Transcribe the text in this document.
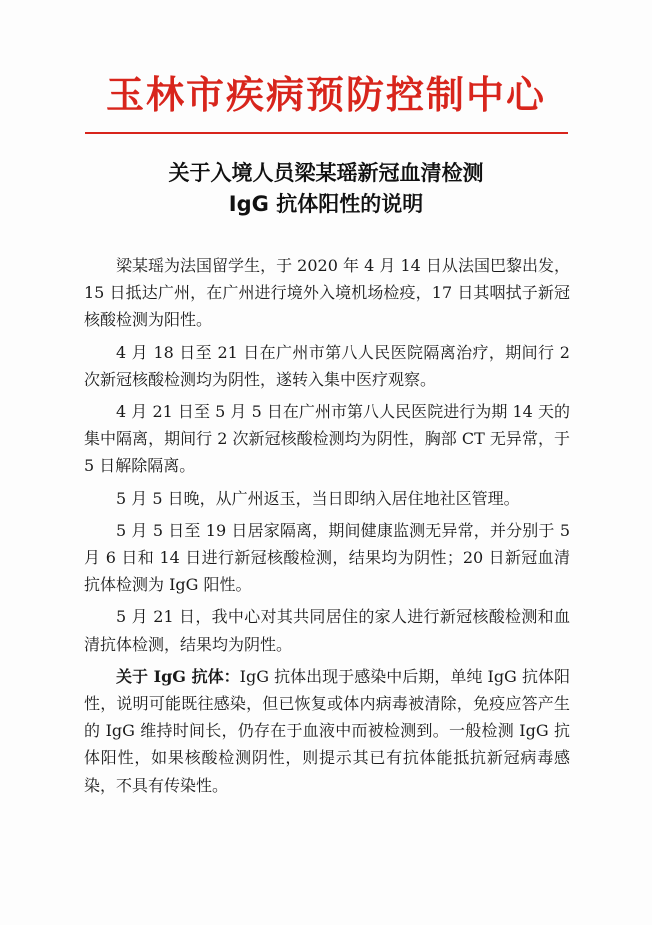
玉林市疾病预防控制中心
关于入境人员梁某瑶新冠血清检测
IgG 抗体阳性的说明

梁某瑶为法国留学生，于 2020 年 4 月 14 日从法国巴黎出发，15 日抵达广州，在广州进行境外入境机场检疫，17 日其咽拭子新冠核酸检测为阳性。

4 月 18 日至 21 日在广州市第八人民医院隔离治疗，期间行 2 次新冠核酸检测均为阴性，遂转入集中医疗观察。

4 月 21 日至 5 月 5 日在广州市第八人民医院进行为期 14 天的集中隔离，期间行 2 次新冠核酸检测均为阴性，胸部 CT 无异常，于 5 日解除隔离。

5 月 5 日晚，从广州返玉，当日即纳入居住地社区管理。

5 月 5 日至 19 日居家隔离，期间健康监测无异常，并分别于 5 月 6 日和 14 日进行新冠核酸检测，结果均为阴性；20 日新冠血清抗体检测为 IgG 阳性。

5 月 21 日，我中心对其共同居住的家人进行新冠核酸检测和血清抗体检测，结果均为阴性。

关于 IgG 抗体：IgG 抗体出现于感染中后期，单纯 IgG 抗体阳性，说明可能既往感染，但已恢复或体内病毒被清除，免疫应答产生的 IgG 维持时间长，仍存在于血液中而被检测到。一般检测 IgG 抗体阳性，如果核酸检测阴性，则提示其已有抗体能抵抗新冠病毒感染，不具有传染性。
